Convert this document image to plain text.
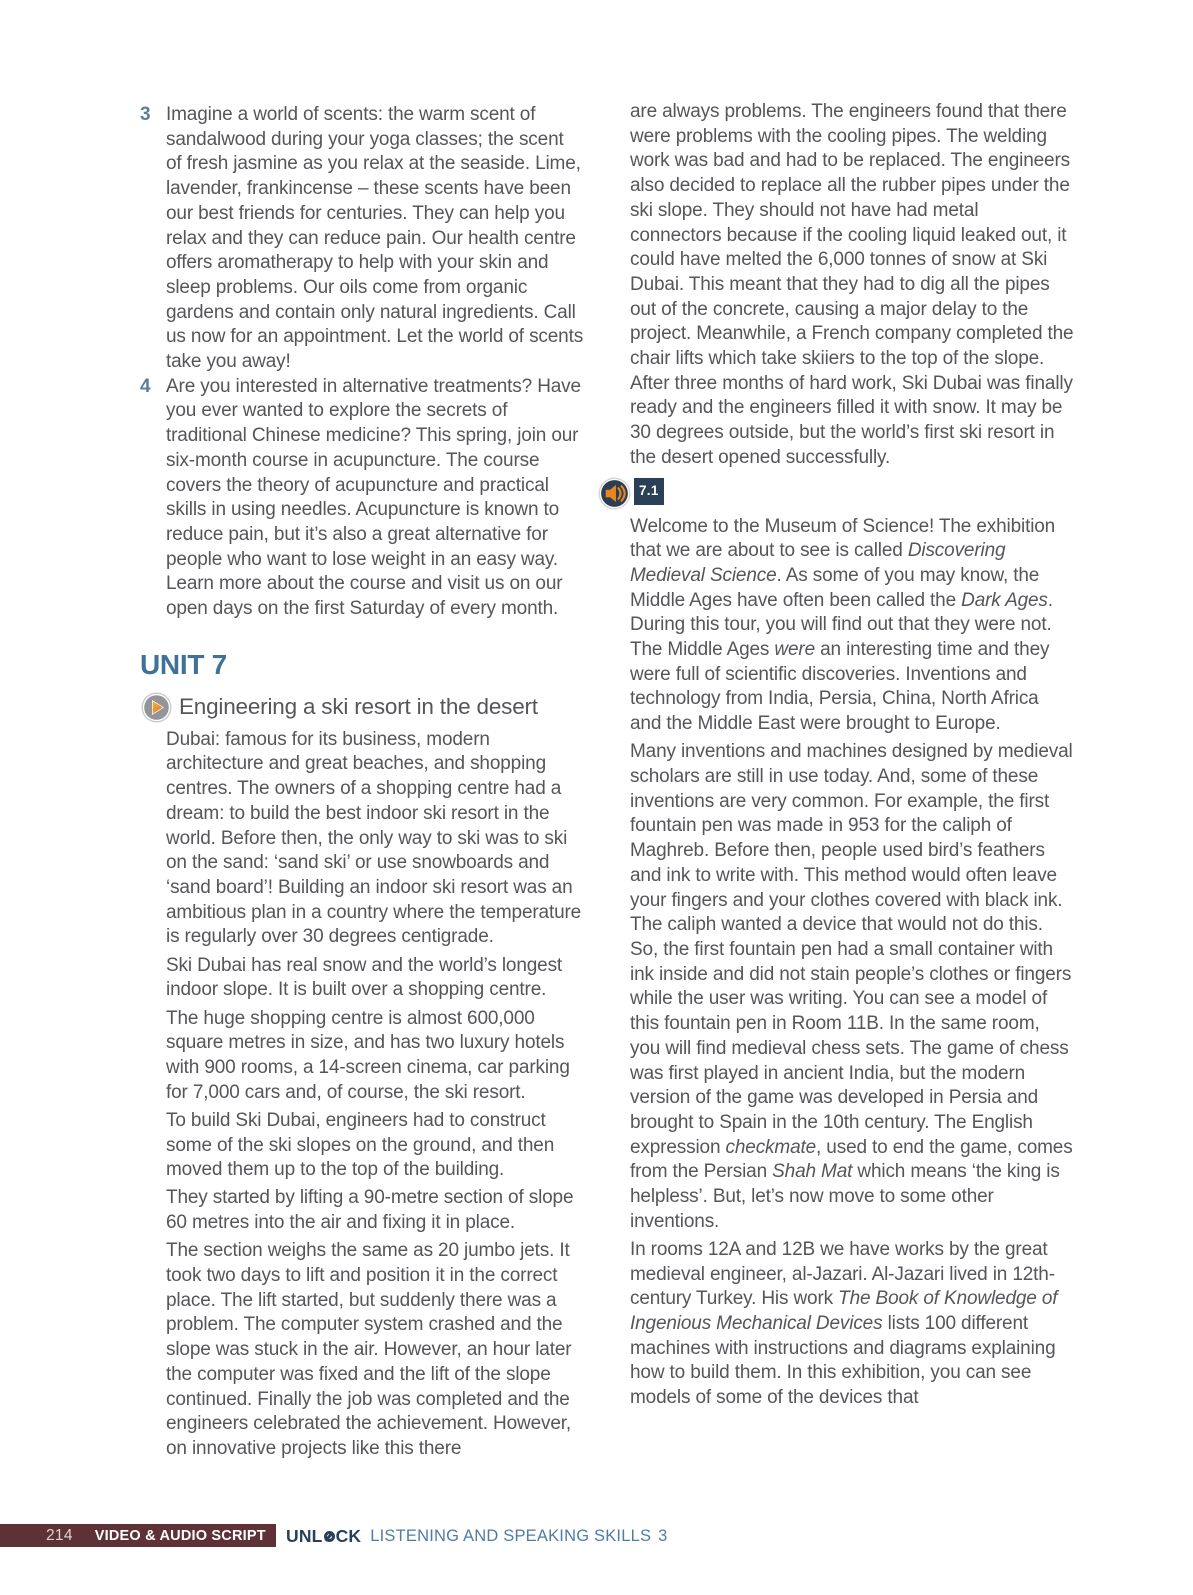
3 Imagine a world of scents: the warm scent of sandalwood during your yoga classes; the scent of fresh jasmine as you relax at the seaside. Lime, lavender, frankincense – these scents have been our best friends for centuries. They can help you relax and they can reduce pain. Our health centre offers aromatherapy to help with your skin and sleep problems. Our oils come from organic gardens and contain only natural ingredients. Call us now for an appointment. Let the world of scents take you away!

4 Are you interested in alternative treatments? Have you ever wanted to explore the secrets of traditional Chinese medicine? This spring, join our six-month course in acupuncture. The course covers the theory of acupuncture and practical skills in using needles. Acupuncture is known to reduce pain, but it’s also a great alternative for people who want to lose weight in an easy way. Learn more about the course and visit us on our open days on the first Saturday of every month.

UNIT 7
Engineering a ski resort in the desert

Dubai: famous for its business, modern architecture and great beaches, and shopping centres. The owners of a shopping centre had a dream: to build the best indoor ski resort in the world. Before then, the only way to ski was to ski on the sand: ‘sand ski’ or use snowboards and ‘sand board’! Building an indoor ski resort was an ambitious plan in a country where the temperature is regularly over 30 degrees centigrade.

Ski Dubai has real snow and the world’s longest indoor slope. It is built over a shopping centre.

The huge shopping centre is almost 600,000 square metres in size, and has two luxury hotels with 900 rooms, a 14-screen cinema, car parking for 7,000 cars and, of course, the ski resort.

To build Ski Dubai, engineers had to construct some of the ski slopes on the ground, and then moved them up to the top of the building.

They started by lifting a 90-metre section of slope 60 metres into the air and fixing it in place.

The section weighs the same as 20 jumbo jets. It took two days to lift and position it in the correct place. The lift started, but suddenly there was a problem. The computer system crashed and the slope was stuck in the air. However, an hour later the computer was fixed and the lift of the slope continued. Finally the job was completed and the engineers celebrated the achievement. However, on innovative projects like this there

are always problems. The engineers found that there were problems with the cooling pipes. The welding work was bad and had to be replaced. The engineers also decided to replace all the rubber pipes under the ski slope. They should not have had metal connectors because if the cooling liquid leaked out, it could have melted the 6,000 tonnes of snow at Ski Dubai. This meant that they had to dig all the pipes out of the concrete, causing a major delay to the project. Meanwhile, a French company completed the chair lifts which take skiiers to the top of the slope. After three months of hard work, Ski Dubai was finally ready and the engineers filled it with snow. It may be 30 degrees outside, but the world’s first ski resort in the desert opened successfully.

7.1

Welcome to the Museum of Science! The exhibition that we are about to see is called Discovering Medieval Science. As some of you may know, the Middle Ages have often been called the Dark Ages. During this tour, you will find out that they were not. The Middle Ages were an interesting time and they were full of scientific discoveries. Inventions and technology from India, Persia, China, North Africa and the Middle East were brought to Europe.

Many inventions and machines designed by medieval scholars are still in use today. And, some of these inventions are very common. For example, the first fountain pen was made in 953 for the caliph of Maghreb. Before then, people used bird’s feathers and ink to write with. This method would often leave your fingers and your clothes covered with black ink. The caliph wanted a device that would not do this. So, the first fountain pen had a small container with ink inside and did not stain people’s clothes or fingers while the user was writing. You can see a model of this fountain pen in Room 11B. In the same room, you will find medieval chess sets. The game of chess was first played in ancient India, but the modern version of the game was developed in Persia and brought to Spain in the 10th century. The English expression checkmate, used to end the game, comes from the Persian Shah Mat which means ‘the king is helpless’. But, let’s now move to some other inventions.

In rooms 12A and 12B we have works by the great medieval engineer, al-Jazari. Al-Jazari lived in 12th-century Turkey. His work The Book of Knowledge of Ingenious Mechanical Devices lists 100 different machines with instructions and diagrams explaining how to build them. In this exhibition, you can see models of some of the devices that

214 VIDEO & AUDIO SCRIPT UNL CK LISTENING AND SPEAKING SKILLS 3
